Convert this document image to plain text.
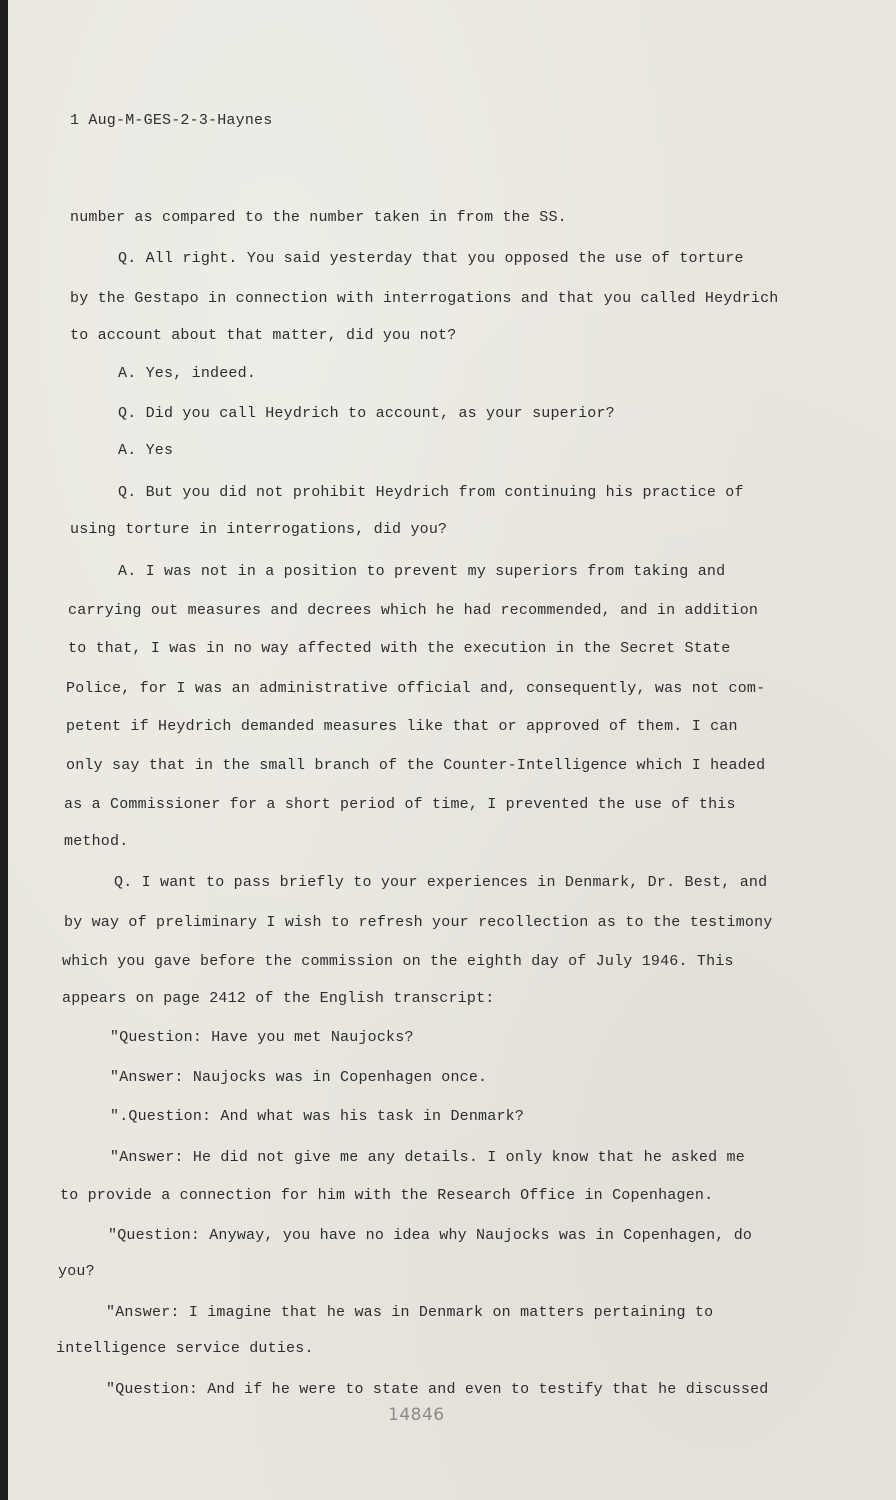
1 Aug-M-GES-2-3-Haynes
number as compared to the number taken in from the SS.
Q. All right. You said yesterday that you opposed the use of torture
by the Gestapo in connection with interrogations and that you called Heydrich
to account about that matter, did you not?
A. Yes, indeed.
Q. Did you call Heydrich to account, as your superior?
A. Yes
Q. But you did not prohibit Heydrich from continuing his practice of
using torture in interrogations, did you?
A. I was not in a position to prevent my superiors from taking and
carrying out measures and decrees which he had recommended, and in addition
to that, I was in no way affected with the execution in the Secret State
Police, for I was an administrative official and, consequently, was not com-
petent if Heydrich demanded measures like that or approved of them. I can
only say that in the small branch of the Counter-Intelligence which I headed
as a Commissioner for a short period of time, I prevented the use of this
method.
Q. I want to pass briefly to your experiences in Denmark, Dr. Best, and
by way of preliminary I wish to refresh your recollection as to the testimony
which you gave before the commission on the eighth day of July 1946. This
appears on page 2412 of the English transcript:
"Question: Have you met Naujocks?
"Answer: Naujocks was in Copenhagen once.
".Question: And what was his task in Denmark?
"Answer: He did not give me any details. I only know that he asked me
to provide a connection for him with the Research Office in Copenhagen.
"Question: Anyway, you have no idea why Naujocks was in Copenhagen, do
you?
"Answer: I imagine that he was in Denmark on matters pertaining to
intelligence service duties.
"Question: And if he were to state and even to testify that he discussed
14846
